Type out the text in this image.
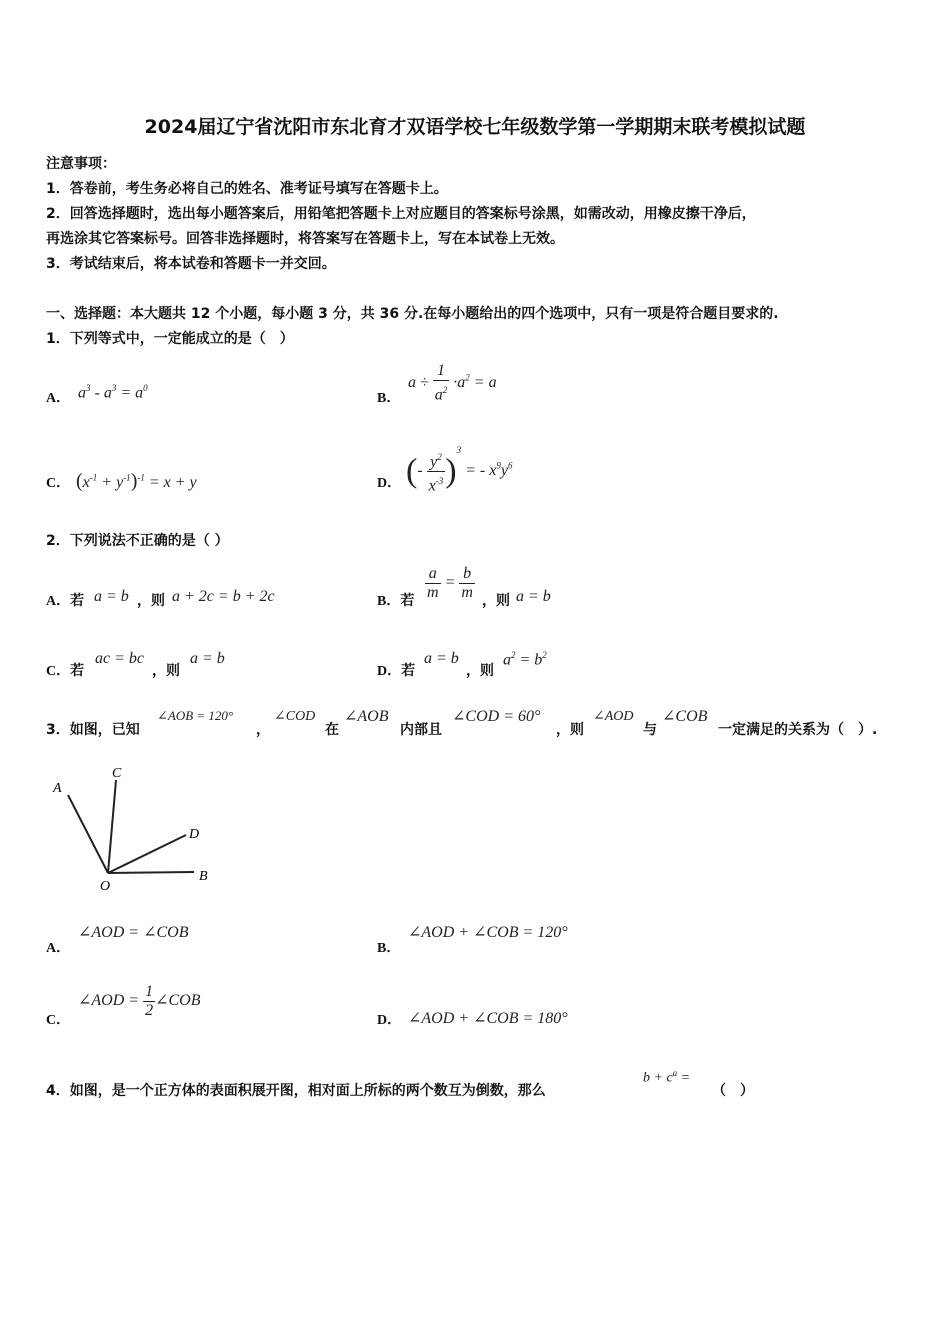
2024届辽宁省沈阳市东北育才双语学校七年级数学第一学期期末联考模拟试题
注意事项：
1．答卷前，考生务必将自己的姓名、准考证号填写在答题卡上。
2．回答选择题时，选出每小题答案后，用铅笔把答题卡上对应题目的答案标号涂黑，如需改动，用橡皮擦干净后，
再选涂其它答案标号。回答非选择题时，将答案写在答题卡上，写在本试卷上无效。
3．考试结束后，将本试卷和答题卡一并交回。
一、选择题：本大题共 12 个小题，每小题 3 分，共 36 分.在每小题给出的四个选项中，只有一项是符合题目要求的.
1．下列等式中，一定能成立的是（　）
A． $a^3 - a^3 = a^0$
B．
$a \div \frac{1}{a^2} \cdot a^2 = a$
C． $(x^{-1} + y^{-1})^{-1} = x + y$	D． (- $\frac{y^2}{x^{-3}} )^3$ = - $x^9y^6$
2．下列说法不正确的是（ ）
A．若 a = b ，则 a + 2c = b + 2c	B．若 $\frac{a}{m} = \frac{b}{m}$ ，则 a = b
C．若
ac = bc
，则
a = b
D．若
a = b
，则
$a^2 = b^2$
3．如图，已知
∠AOB = 120°
，
∠COD
在
∠AOB
内部且
∠COD = 60°
，则
∠AOD
与
∠COB
一定满足的关系为（　）.
A
C
D
B
O
A．
∠AOD = ∠COB
B．
∠AOD + ∠COB = 120°
C．
∠AOD = $\frac{1}{2}$ ∠COB
D． ∠AOD + ∠COB = 180°
4．如图，是一个正方体的表面积展开图，相对面上所标的两个数互为倒数，那么
$b + c^a$ =
（　）
